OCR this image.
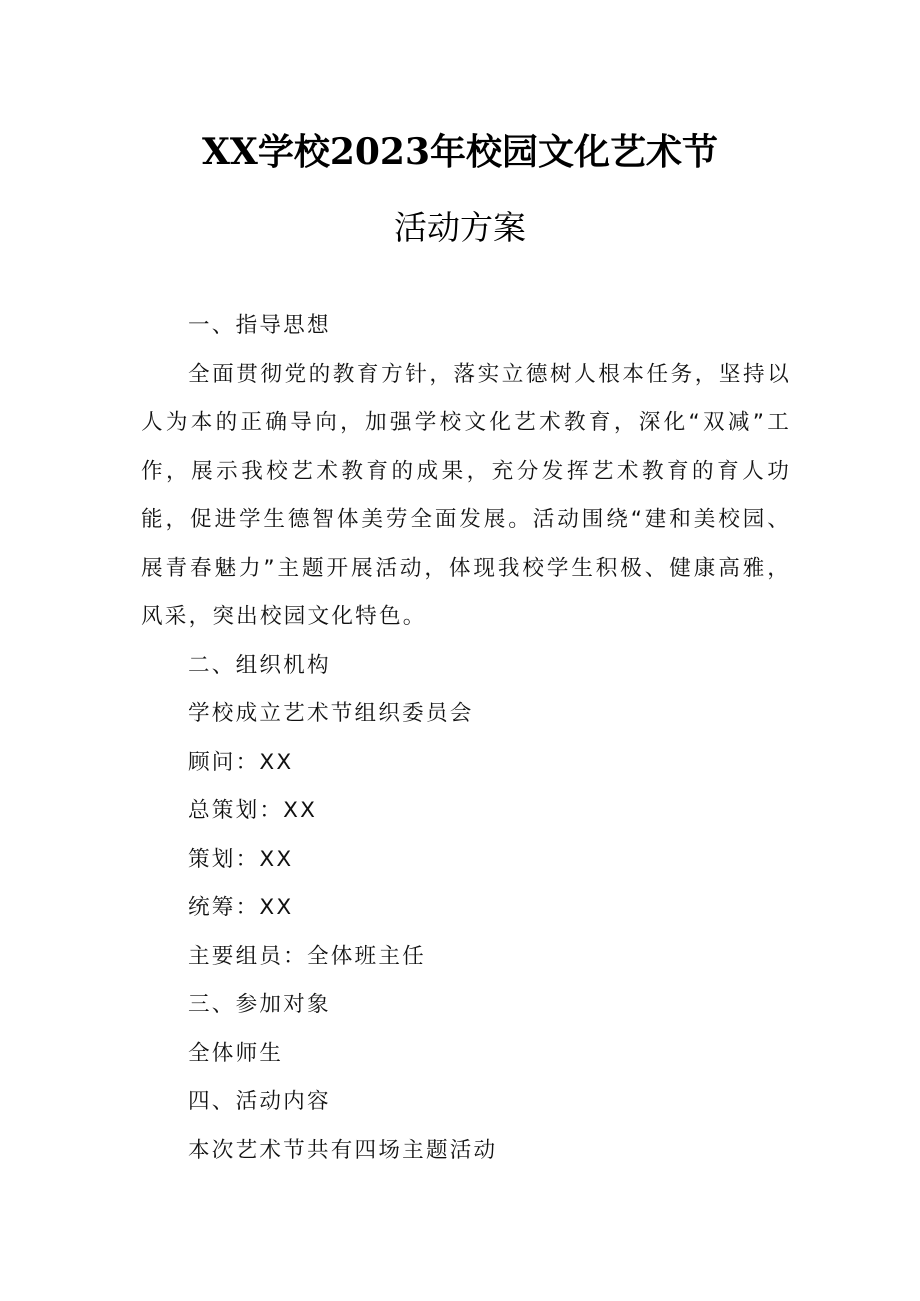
XX学校2023年校园文化艺术节
活动方案

一、指导思想

全面贯彻党的教育方针，落实立德树人根本任务，坚持以人为本的正确导向，加强学校文化艺术教育，深化“双减”工作，展示我校艺术教育的成果，充分发挥艺术教育的育人功能，促进学生德智体美劳全面发展。活动围绕“建和美校园、展青春魅力”主题开展活动，体现我校学生积极、健康高雅，风采，突出校园文化特色。

二、组织机构

学校成立艺术节组织委员会

顾问：XX

总策划：XX

策划：XX

统筹：XX

主要组员：全体班主任

三、参加对象

全体师生

四、活动内容

本次艺术节共有四场主题活动
